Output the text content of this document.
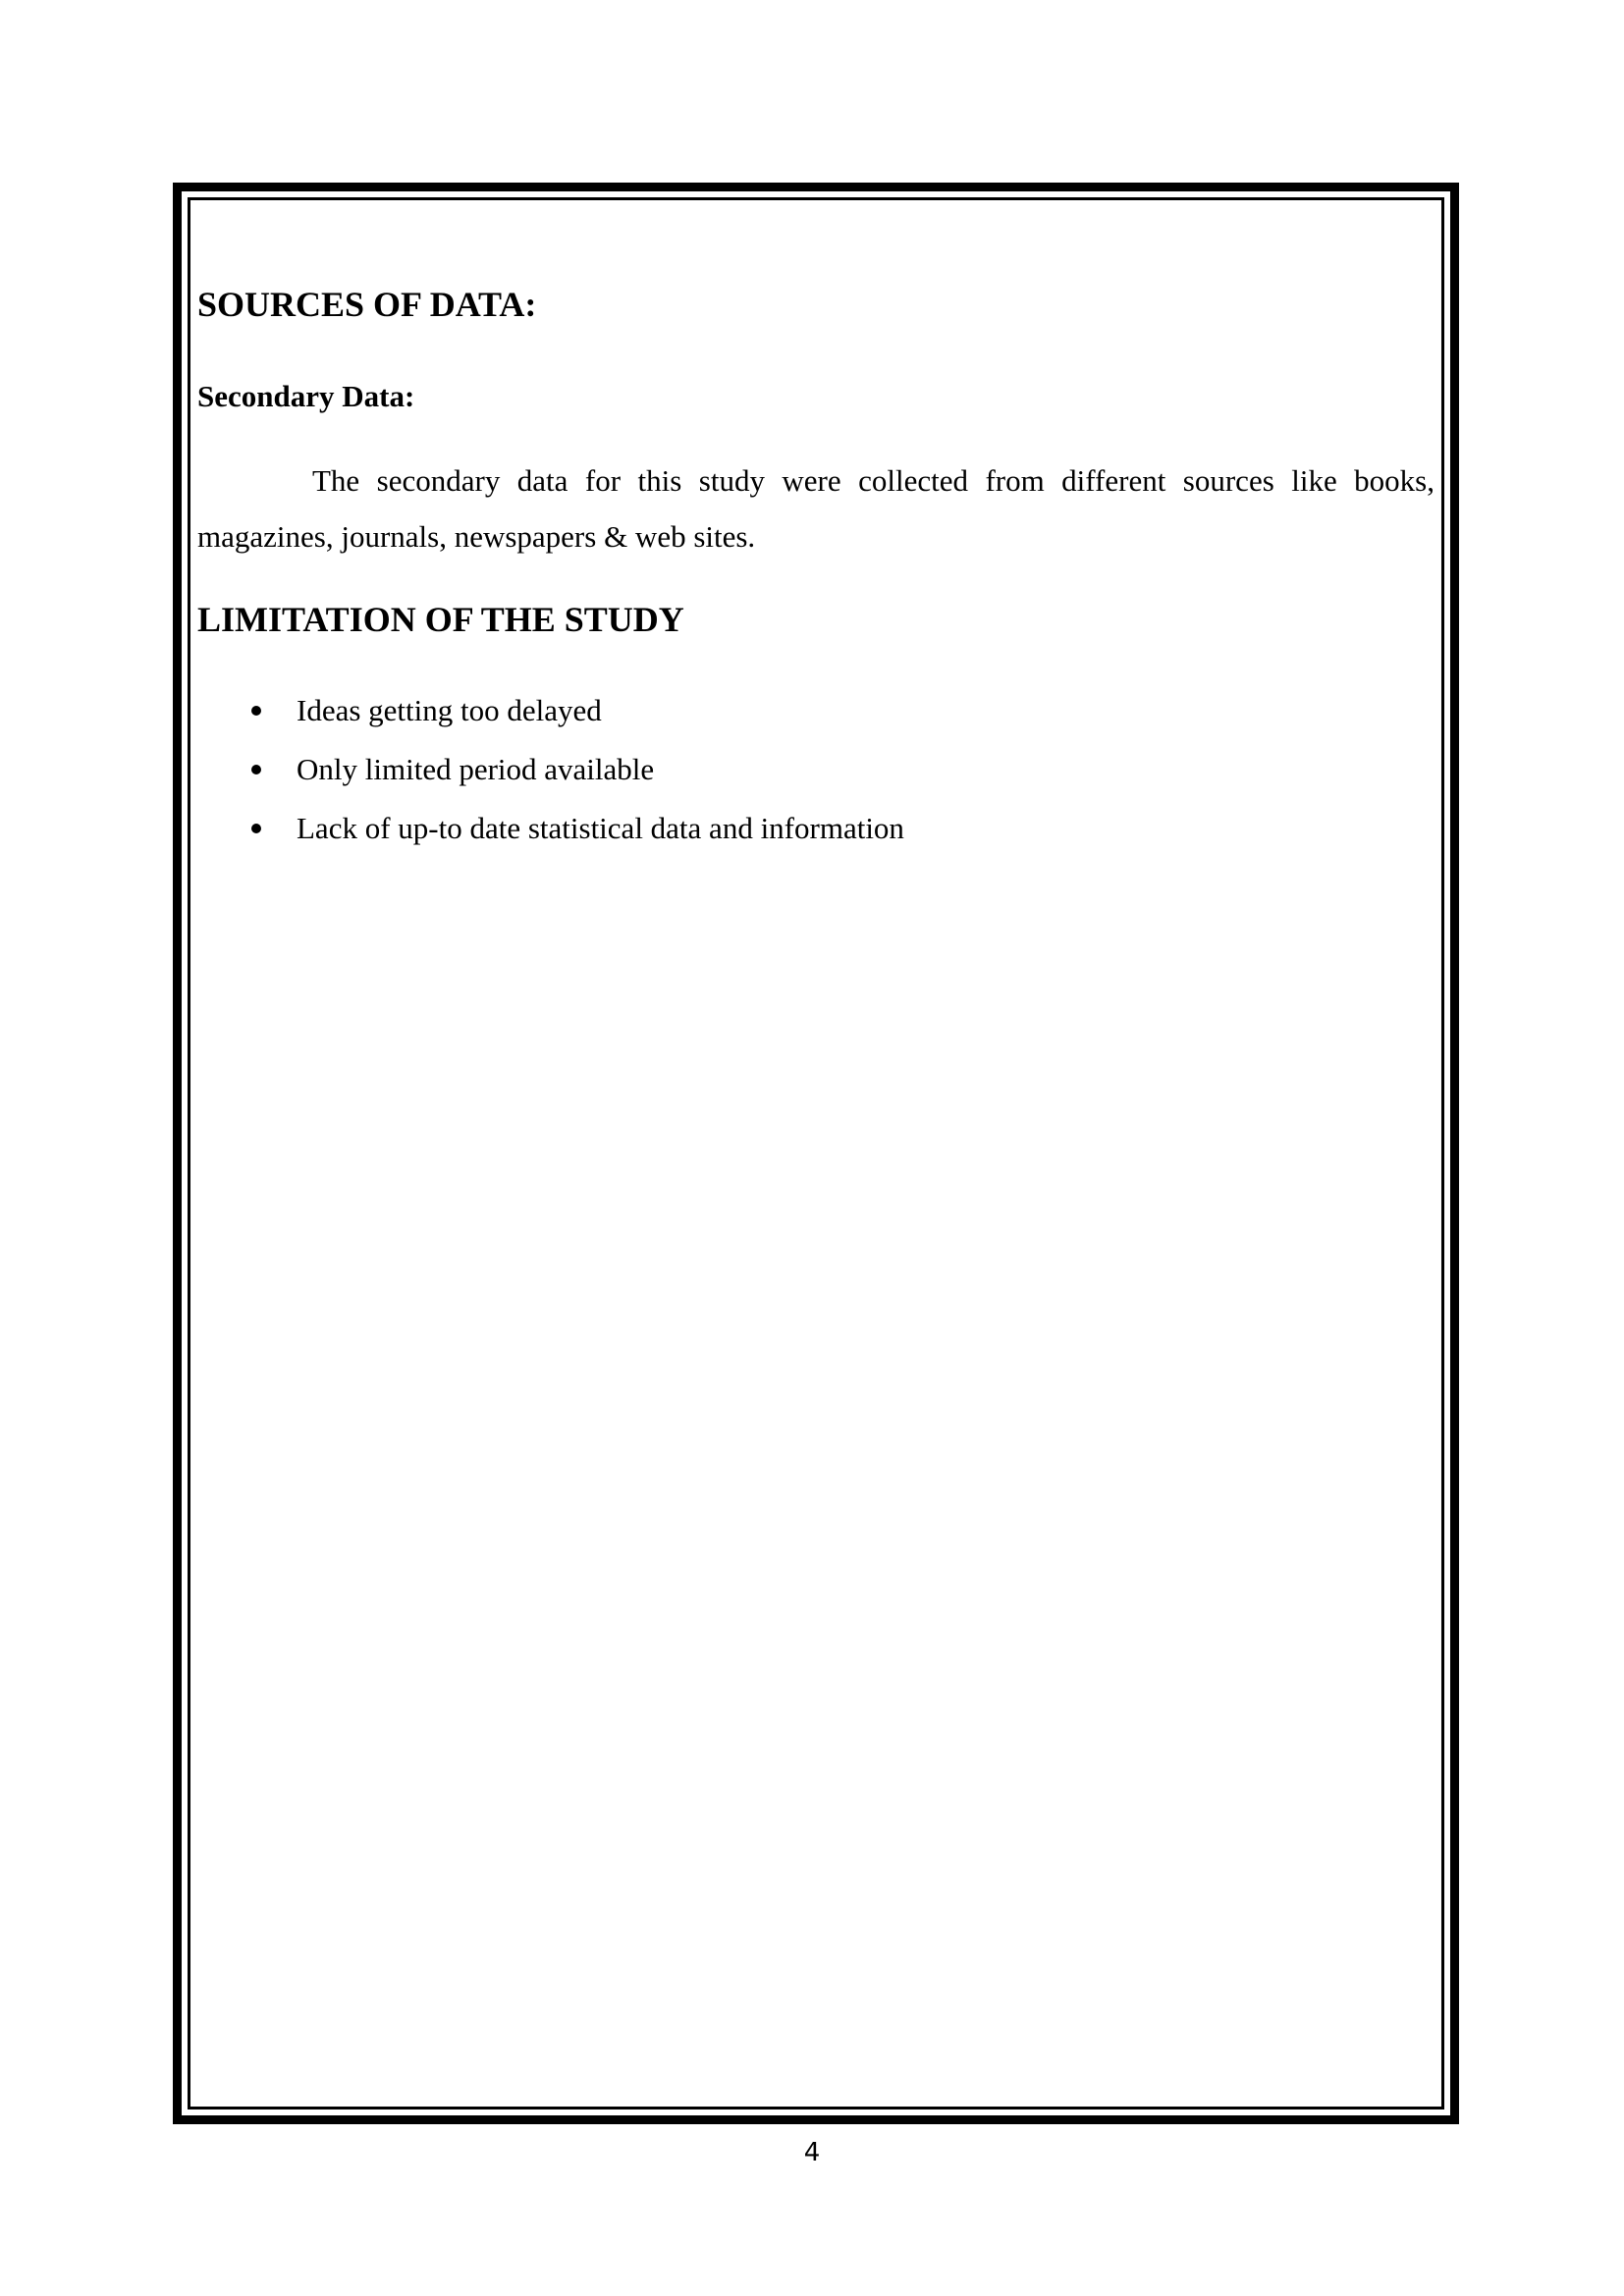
SOURCES OF DATA:
Secondary Data:

The secondary data for this study were collected from different sources like books, magazines, journals, newspapers & web sites.

LIMITATION OF THE STUDY
Ideas getting too delayed
Only limited period available
Lack of up-to date statistical data and information
4
